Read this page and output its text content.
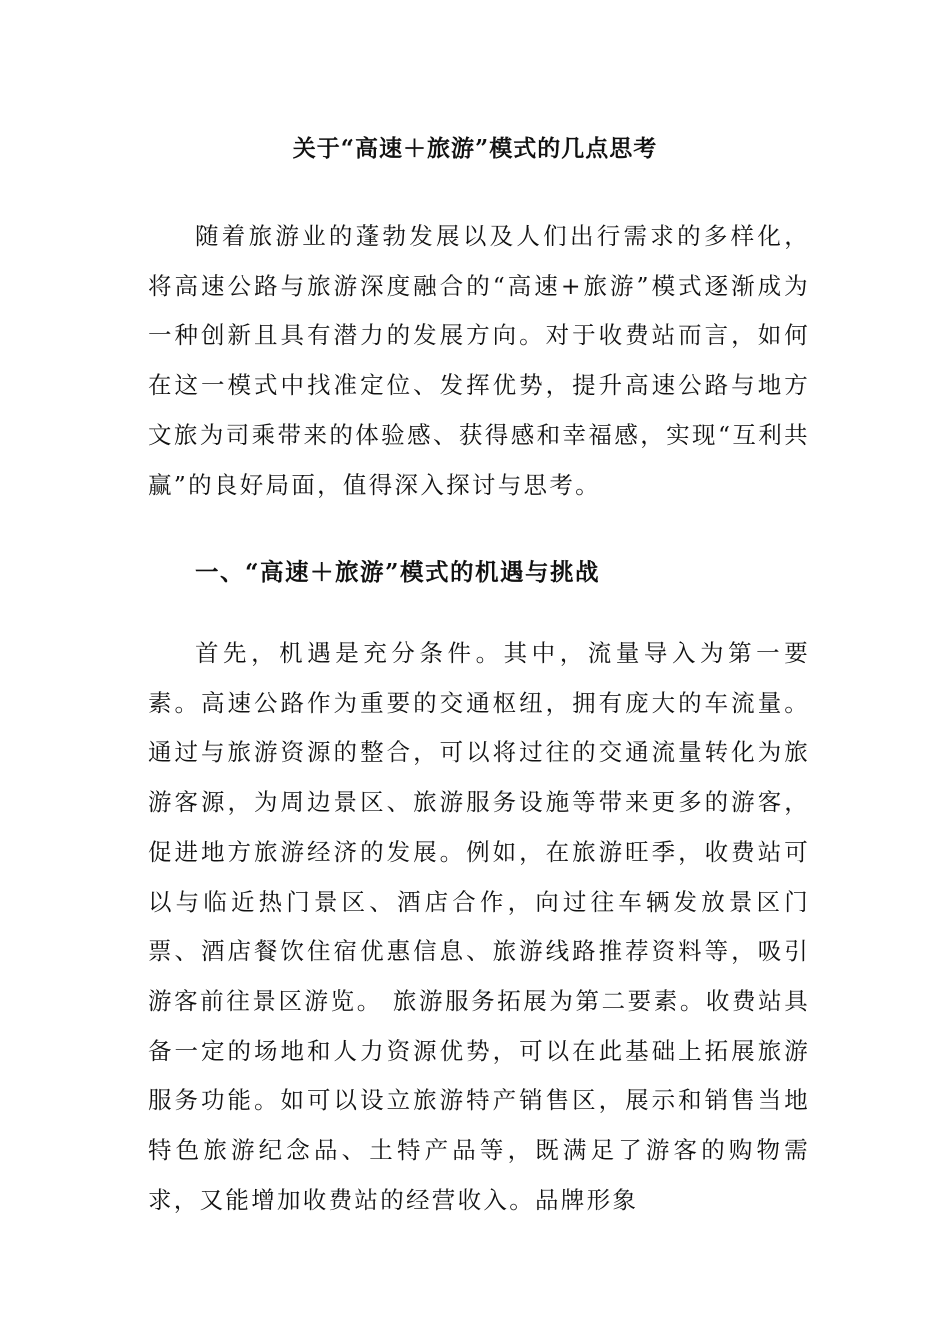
关于“高速＋旅游”模式的几点思考

随着旅游业的蓬勃发展以及人们出行需求的多样化，将高速公路与旅游深度融合的“高速+旅游”模式逐渐成为一种创新且具有潜力的发展方向。对于收费站而言，如何在这一模式中找准定位、发挥优势，提升高速公路与地方文旅为司乘带来的体验感、获得感和幸福感，实现“互利共赢”的良好局面，值得深入探讨与思考。

一、“高速＋旅游”模式的机遇与挑战

首先，机遇是充分条件。其中，流量导入为第一要素。高速公路作为重要的交通枢纽，拥有庞大的车流量。通过与旅游资源的整合，可以将过往的交通流量转化为旅游客源，为周边景区、旅游服务设施等带来更多的游客，促进地方旅游经济的发展。例如，在旅游旺季，收费站可以与临近热门景区、酒店合作，向过往车辆发放景区门票、酒店餐饮住宿优惠信息、旅游线路推荐资料等，吸引游客前往景区游览。 旅游服务拓展为第二要素。收费站具备一定的场地和人力资源优势，可以在此基础上拓展旅游服务功能。如可以设立旅游特产销售区，展示和销售当地特色旅游纪念品、土特产品等，既满足了游客的购物需求，又能增加收费站的经营收入。品牌形象
